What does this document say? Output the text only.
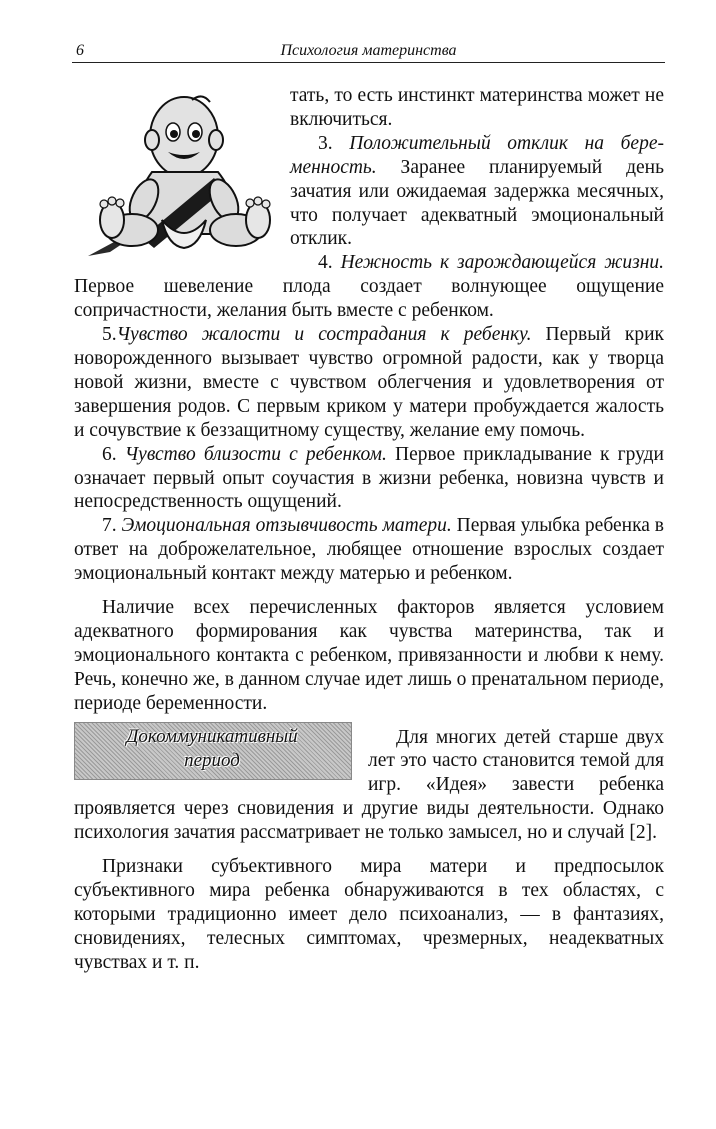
6	Психология материнства

тать, то есть инстинкт материнства может не включиться.

3. Положительный отклик на беременность. Заранее планируемый день зачатия или ожидаемая задержка месячных, что получает адекватный эмоциональный отклик.

4. Нежность к зарождающейся жизни. Первое шевеление плода создает волнующее ощущение сопричастности, желания быть вместе с ребенком.

5.Чувство жалости и сострадания к ребенку. Первый крик новорожденного вызывает чувство огромной радости, как у творца новой жизни, вместе с чувством облегчения и удовлетворения от завершения родов. С первым криком у матери пробуждается жалость и сочувствие к беззащитному существу, желание ему помочь.

6. Чувство близости с ребенком. Первое прикладывание к груди означает первый опыт соучастия в жизни ребенка, новизна чувств и непосредственность ощущений.

7. Эмоциональная отзывчивость матери. Первая улыбка ребенка в ответ на доброжелательное, любящее отношение взрослых создает эмоциональный контакт между матерью и ребенком.

Наличие всех перечисленных факторов является условием адекватного формирования как чувства материнства, так и эмоционального контакта с ребенком, привязанности и любви к нему. Речь, конечно же, в данном случае идет лишь о пренатальном периоде, периоде беременности.

Докоммуникативный
период

Для многих детей старше двух лет это часто становится темой для игр. «Идея» завести ребенка проявляется через сновидения и другие виды деятельности. Однако психология зачатия рассматривает не только замысел, но и случай [2].

Признаки субъективного мира матери и предпосылок субъективного мира ребенка обнаруживаются в тех областях, с которыми традиционно имеет дело психоанализ, — в фантазиях, сновидениях, телесных симптомах, чрезмерных, неадекватных чувствах и т. п.
